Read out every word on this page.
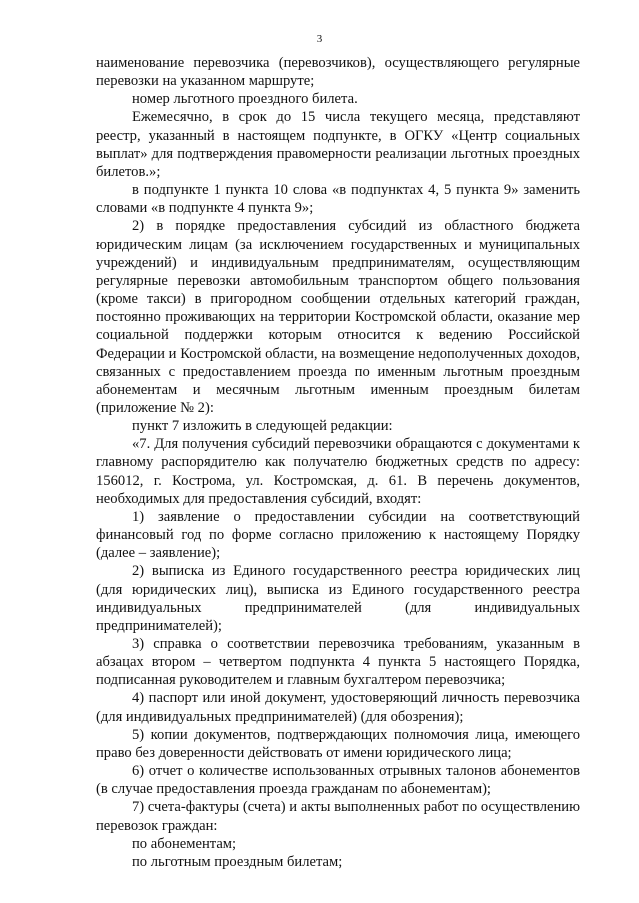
3

наименование перевозчика (перевозчиков), осуществляющего регулярные перевозки на указанном маршруте;

номер льготного проездного билета.

Ежемесячно, в срок до 15 числа текущего месяца, представляют реестр, указанный в настоящем подпункте, в ОГКУ «Центр социальных выплат» для подтверждения правомерности реализации льготных проездных билетов.»;

в подпункте 1 пункта 10 слова «в подпунктах 4, 5 пункта 9» заменить словами «в подпункте 4 пункта 9»;

2) в порядке предоставления субсидий из областного бюджета юридическим лицам (за исключением государственных и муниципальных учреждений) и индивидуальным предпринимателям, осуществляющим регулярные перевозки автомобильным транспортом общего пользования (кроме такси) в пригородном сообщении отдельных категорий граждан, постоянно проживающих на территории Костромской области, оказание мер социальной поддержки которым относится к ведению Российской Федерации и Костромской области, на возмещение недополученных доходов, связанных с предоставлением проезда по именным льготным проездным абонементам и месячным льготным именным проездным билетам (приложение № 2):

пункт 7 изложить в следующей редакции:

«7. Для получения субсидий перевозчики обращаются с документами к главному распорядителю как получателю бюджетных средств по адресу: 156012, г. Кострома, ул. Костромская, д. 61. В перечень документов, необходимых для предоставления субсидий, входят:

1) заявление о предоставлении субсидии на соответствующий финансовый год по форме согласно приложению к настоящему Порядку (далее – заявление);

2) выписка из Единого государственного реестра юридических лиц (для юридических лиц), выписка из Единого государственного реестра индивидуальных предпринимателей (для индивидуальных предпринимателей);

3) справка о соответствии перевозчика требованиям, указанным в абзацах втором – четвертом подпункта 4 пункта 5 настоящего Порядка, подписанная руководителем и главным бухгалтером перевозчика;

4) паспорт или иной документ, удостоверяющий личность перевозчика (для индивидуальных предпринимателей) (для обозрения);

5) копии документов, подтверждающих полномочия лица, имеющего право без доверенности действовать от имени юридического лица;

6) отчет о количестве использованных отрывных талонов абонементов (в случае предоставления проезда гражданам по абонементам);

7) счета-фактуры (счета) и акты выполненных работ по осуществлению перевозок граждан:

по абонементам;

по льготным проездным билетам;
